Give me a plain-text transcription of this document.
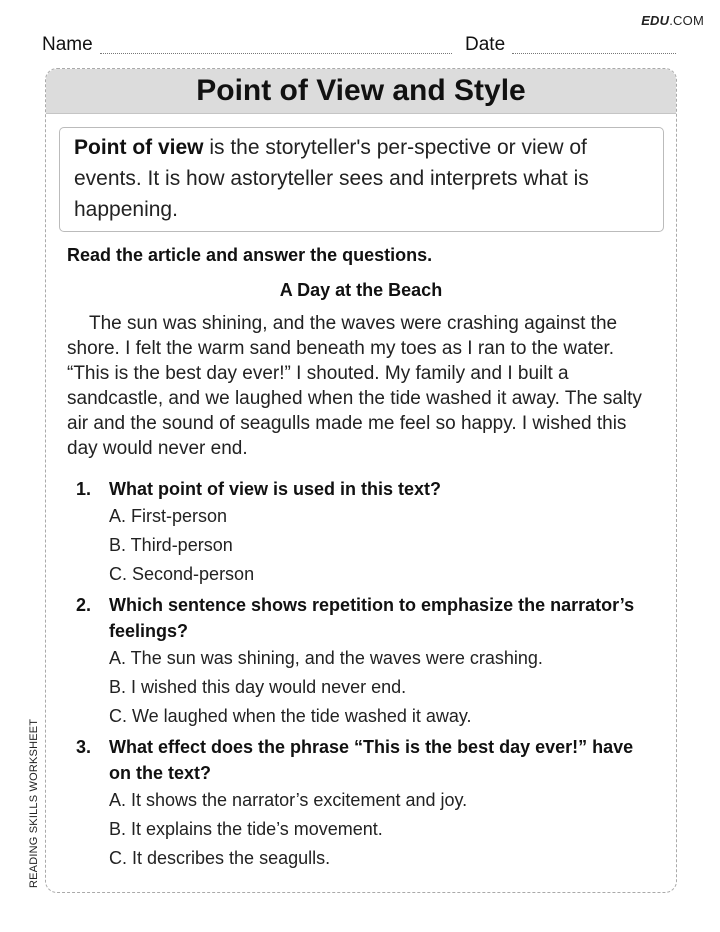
EDU.COM
Name	Date
READING SKILLS WORKSHEET
Point of View and Style
Point of view is the storyteller's per-spective or view of events. It is how astoryteller sees and interprets what is happening.
Read the article and answer the questions.
A Day at the Beach
The sun was shining, and the waves were crashing against the shore. I felt the warm sand beneath my toes as I ran to the water. “This is the best day ever!” I shouted. My family and I built a sandcastle, and we laughed when the tide washed it away. The salty air and the sound of seagulls made me feel so happy. I wished this day would never end.
1. What point of view is used in this text?
A. First-person
B. Third-person
C. Second-person
2. Which sentence shows repetition to emphasize the narrator’s feelings?
A. The sun was shining, and the waves were crashing.
B. I wished this day would never end.
C. We laughed when the tide washed it away.
3. What effect does the phrase “This is the best day ever!” have on the text?
A. It shows the narrator’s excitement and joy.
B. It explains the tide’s movement.
C. It describes the seagulls.
